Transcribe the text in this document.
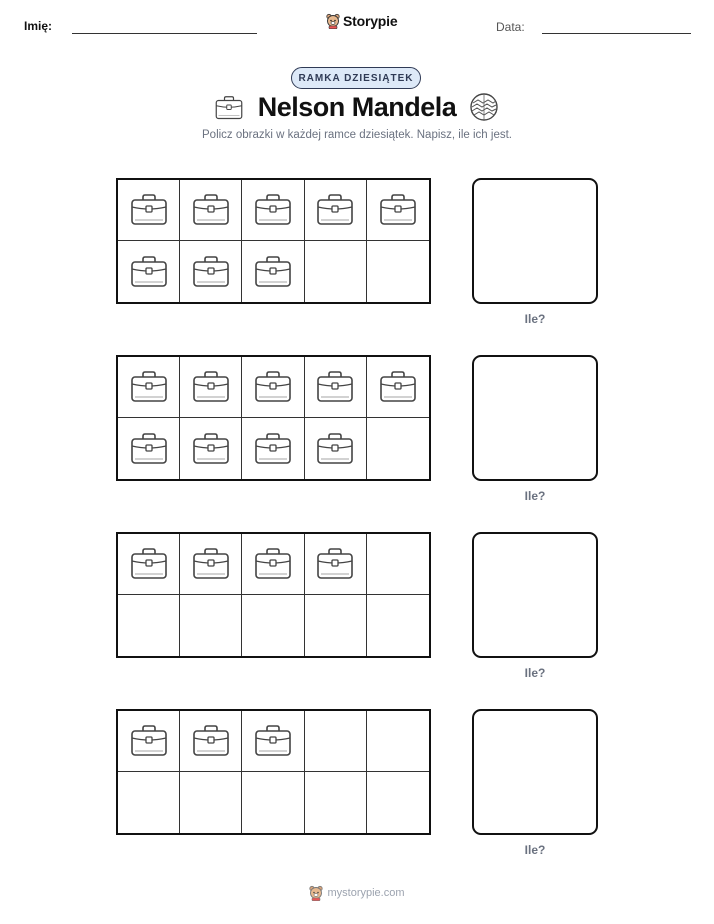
Imię:	Storypie	Data:
RAMKA DZIESIĄTEK
Nelson Mandela
Policz obrazki w każdej ramce dziesiątek. Napisz, ile ich jest.
Ile?
Ile?
Ile?
Ile?
mystorypie.com
